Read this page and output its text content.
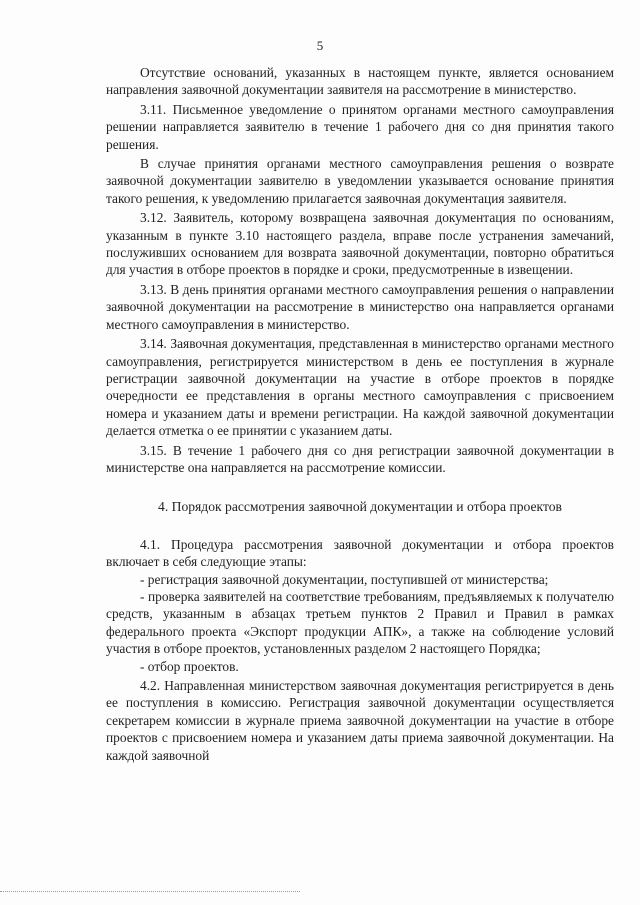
5

Отсутствие оснований, указанных в настоящем пункте, является основанием направления заявочной документации заявителя на рассмотрение в министерство.

3.11. Письменное уведомление о принятом органами местного самоуправления решении направляется заявителю в течение 1 рабочего дня со дня принятия такого решения.

В случае принятия органами местного самоуправления решения о возврате заявочной документации заявителю в уведомлении указывается основание принятия такого решения, к уведомлению прилагается заявочная документация заявителя.

3.12. Заявитель, которому возвращена заявочная документация по основаниям, указанным в пункте 3.10 настоящего раздела, вправе после устранения замечаний, послуживших основанием для возврата заявочной документации, повторно обратиться для участия в отборе проектов в порядке и сроки, предусмотренные в извещении.

3.13. В день принятия органами местного самоуправления решения о направлении заявочной документации на рассмотрение в министерство она направляется органами местного самоуправления в министерство.

3.14. Заявочная документация, представленная в министерство органами местного самоуправления, регистрируется министерством в день ее поступления в журнале регистрации заявочной документации на участие в отборе проектов в порядке очередности ее представления в органы местного самоуправления с присвоением номера и указанием даты и времени регистрации. На каждой заявочной документации делается отметка о ее принятии с указанием даты.

3.15. В течение 1 рабочего дня со дня регистрации заявочной документации в министерстве она направляется на рассмотрение комиссии.

4. Порядок рассмотрения заявочной документации и отбора проектов

4.1. Процедура рассмотрения заявочной документации и отбора проектов включает в себя следующие этапы:

- регистрация заявочной документации, поступившей от министерства;

- проверка заявителей на соответствие требованиям, предъявляемых к получателю средств, указанным в абзацах третьем пунктов 2 Правил и Правил в рамках федерального проекта «Экспорт продукции АПК», а также на соблюдение условий участия в отборе проектов, установленных разделом 2 настоящего Порядка;

- отбор проектов.

4.2. Направленная министерством заявочная документация регистрируется в день ее поступления в комиссию. Регистрация заявочной документации осуществляется секретарем комиссии в журнале приема заявочной документации на участие в отборе проектов с присвоением номера и указанием даты приема заявочной документации. На каждой заявочной
